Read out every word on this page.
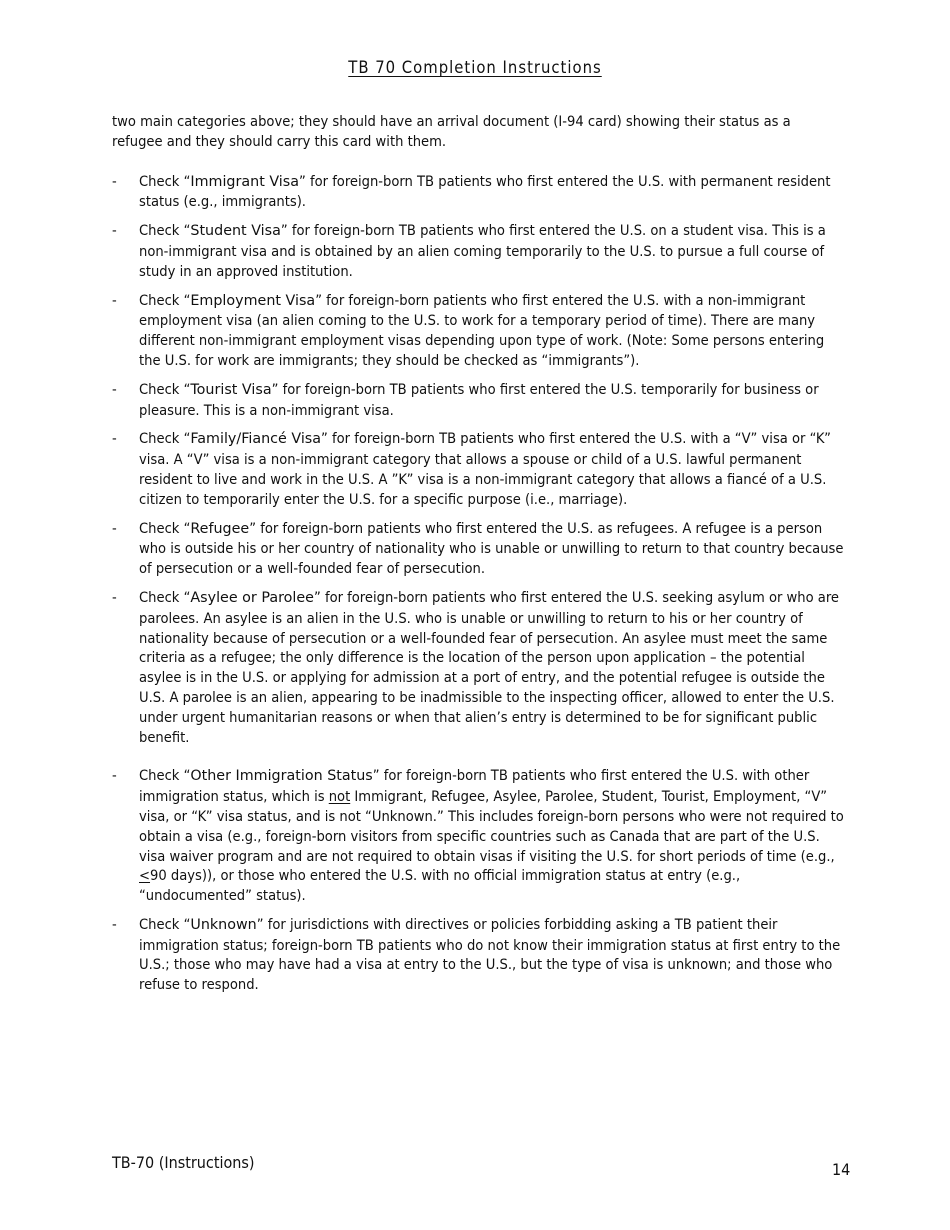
TB 70 Completion Instructions

two main categories above; they should have an arrival document (I-94 card) showing their status as a refugee and they should carry this card with them.

- Check “Immigrant Visa” for foreign-born TB patients who first entered the U.S. with permanent resident status (e.g., immigrants).
- Check “Student Visa” for foreign-born TB patients who first entered the U.S. on a student visa. This is a non-immigrant visa and is obtained by an alien coming temporarily to the U.S. to pursue a full course of study in an approved institution.
- Check “Employment Visa” for foreign-born patients who first entered the U.S. with a non-immigrant employment visa (an alien coming to the U.S. to work for a temporary period of time). There are many different non-immigrant employment visas depending upon type of work. (Note: Some persons entering the U.S. for work are immigrants; they should be checked as “immigrants”).
- Check “Tourist Visa” for foreign-born TB patients who first entered the U.S. temporarily for business or pleasure. This is a non-immigrant visa.
- Check “Family/Fiancé Visa” for foreign-born TB patients who first entered the U.S. with a “V” visa or “K” visa. A “V” visa is a non-immigrant category that allows a spouse or child of a U.S. lawful permanent resident to live and work in the U.S. A ”K” visa is a non-immigrant category that allows a fiancé of a U.S. citizen to temporarily enter the U.S. for a specific purpose (i.e., marriage).
- Check “Refugee” for foreign-born patients who first entered the U.S. as refugees. A refugee is a person who is outside his or her country of nationality who is unable or unwilling to return to that country because of persecution or a well-founded fear of persecution.
- Check “Asylee or Parolee” for foreign-born patients who first entered the U.S. seeking asylum or who are parolees. An asylee is an alien in the U.S. who is unable or unwilling to return to his or her country of nationality because of persecution or a well-founded fear of persecution. An asylee must meet the same criteria as a refugee; the only difference is the location of the person upon application – the potential asylee is in the U.S. or applying for admission at a port of entry, and the potential refugee is outside the U.S. A parolee is an alien, appearing to be inadmissible to the inspecting officer, allowed to enter the U.S. under urgent humanitarian reasons or when that alien’s entry is determined to be for significant public benefit.
- Check “Other Immigration Status” for foreign-born TB patients who first entered the U.S. with other immigration status, which is not Immigrant, Refugee, Asylee, Parolee, Student, Tourist, Employment, “V” visa, or “K” visa status, and is not “Unknown.” This includes foreign-born persons who were not required to obtain a visa (e.g., foreign-born visitors from specific countries such as Canada that are part of the U.S. visa waiver program and are not required to obtain visas if visiting the U.S. for short periods of time (e.g., ≤90 days)), or those who entered the U.S. with no official immigration status at entry (e.g., “undocumented” status).
- Check “Unknown” for jurisdictions with directives or policies forbidding asking a TB patient their immigration status; foreign-born TB patients who do not know their immigration status at first entry to the U.S.; those who may have had a visa at entry to the U.S., but the type of visa is unknown; and those who refuse to respond.
TB-70 (Instructions)	14
